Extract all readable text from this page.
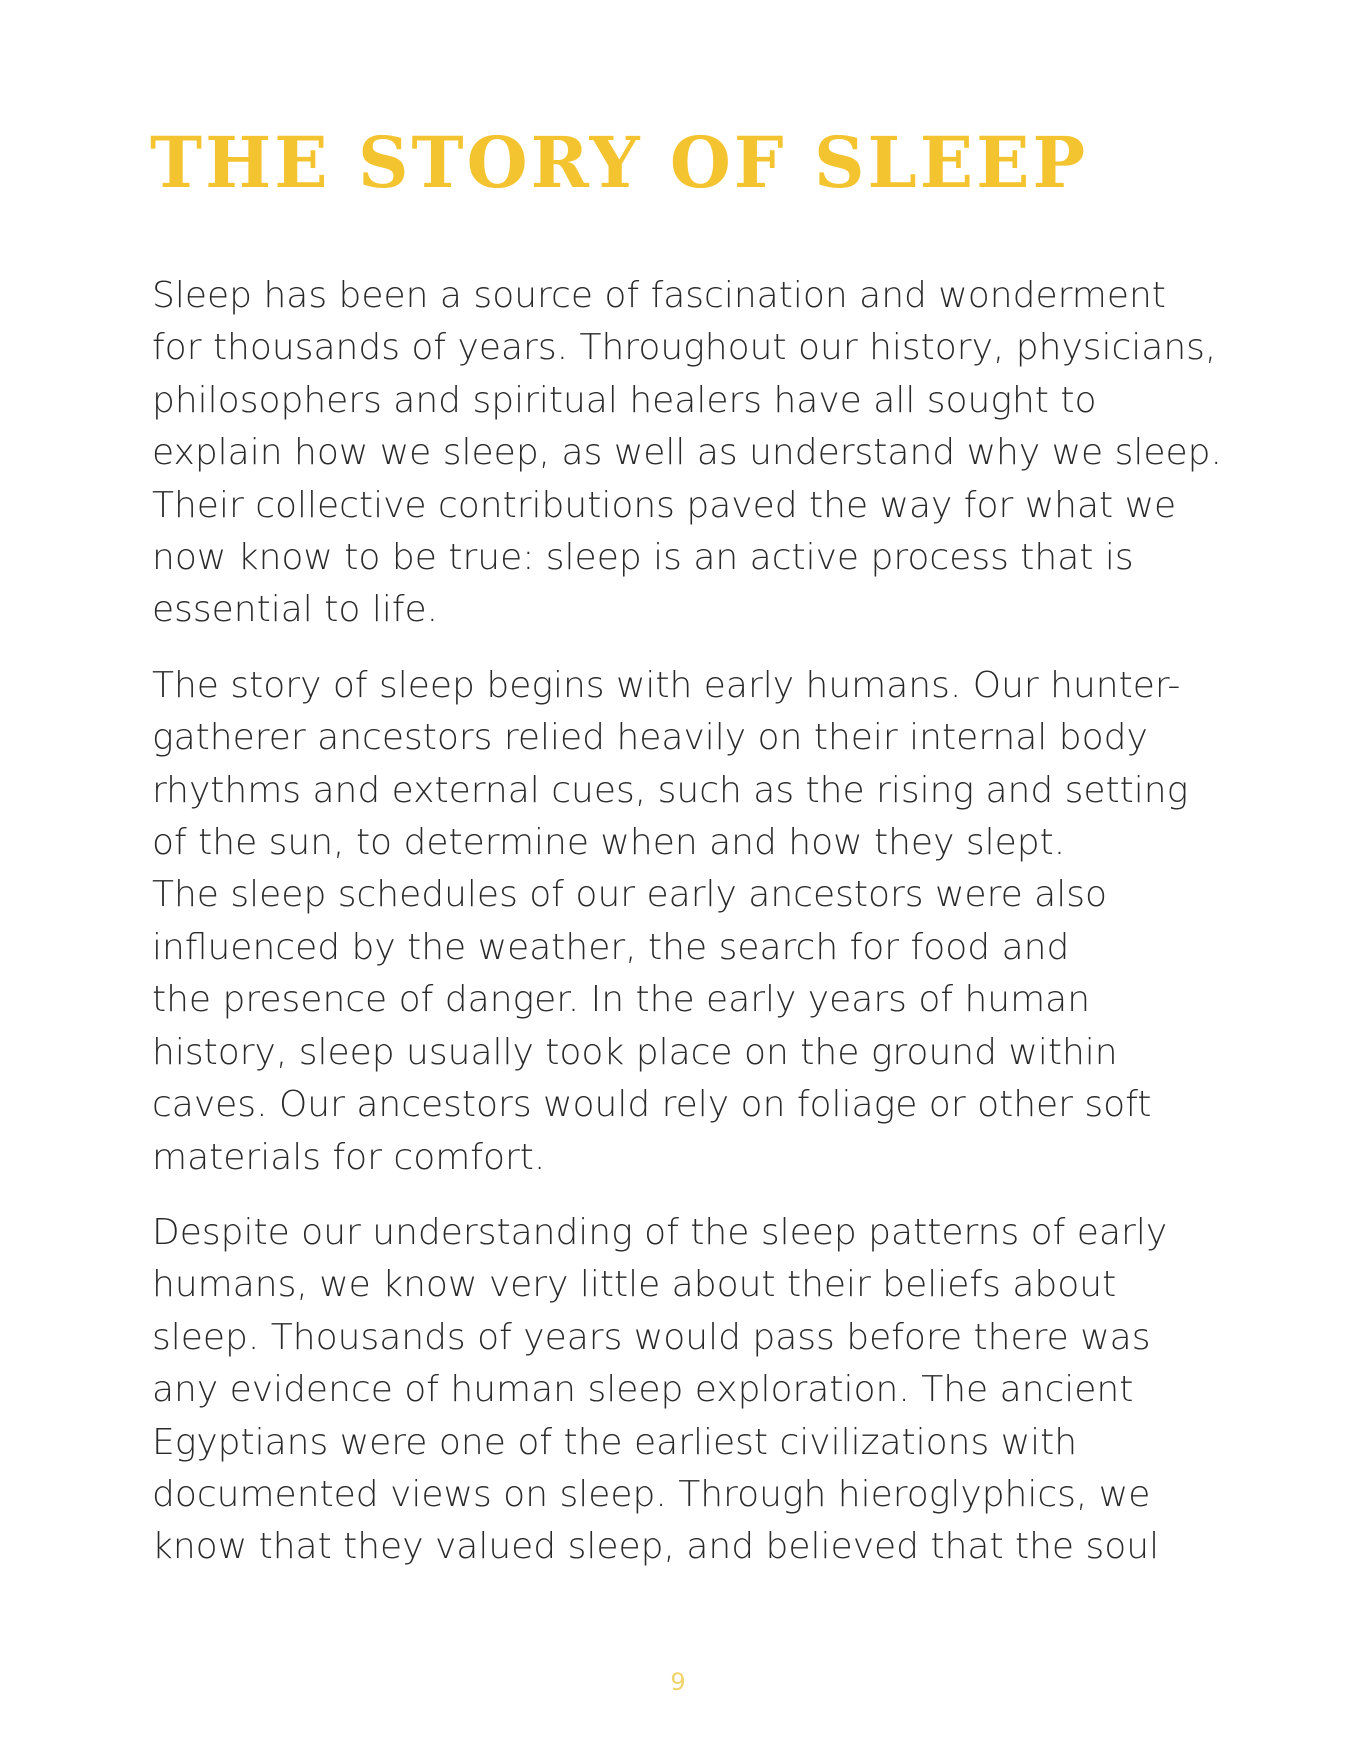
THE STORY OF SLEEP

Sleep has been a source of fascination and wonderment
for thousands of years. Throughout our history, physicians,
philosophers and spiritual healers have all sought to
explain how we sleep, as well as understand why we sleep.
Their collective contributions paved the way for what we
now know to be true: sleep is an active process that is
essential to life.

The story of sleep begins with early humans. Our hunter-
gatherer ancestors relied heavily on their internal body
rhythms and external cues, such as the rising and setting
of the sun, to determine when and how they slept.
The sleep schedules of our early ancestors were also
influenced by the weather, the search for food and
the presence of danger. In the early years of human
history, sleep usually took place on the ground within
caves. Our ancestors would rely on foliage or other soft
materials for comfort.

Despite our understanding of the sleep patterns of early
humans, we know very little about their beliefs about
sleep. Thousands of years would pass before there was
any evidence of human sleep exploration. The ancient
Egyptians were one of the earliest civilizations with
documented views on sleep. Through hieroglyphics, we
know that they valued sleep, and believed that the soul

9
